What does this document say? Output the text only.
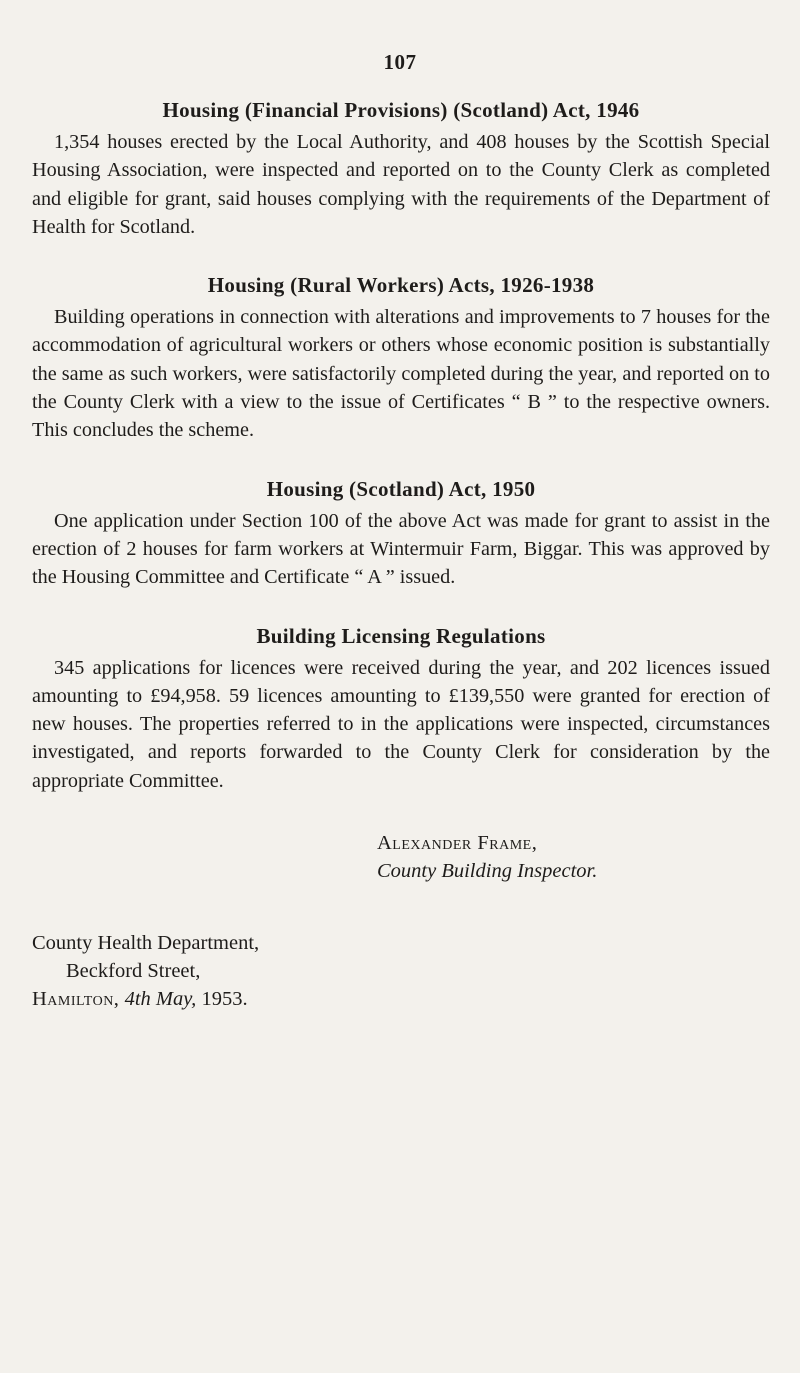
107
Housing (Financial Provisions) (Scotland) Act, 1946

1,354 houses erected by the Local Authority, and 408 houses by the Scottish Special Housing Association, were inspected and reported on to the County Clerk as completed and eligible for grant, said houses complying with the requirements of the Department of Health for Scotland.

Housing (Rural Workers) Acts, 1926-1938

Building operations in connection with alterations and improvements to 7 houses for the accommodation of agricultural workers or others whose economic position is substantially the same as such workers, were satisfactorily completed during the year, and reported on to the County Clerk with a view to the issue of Certificates “ B ” to the respective owners. This concludes the scheme.

Housing (Scotland) Act, 1950

One application under Section 100 of the above Act was made for grant to assist in the erection of 2 houses for farm workers at Wintermuir Farm, Biggar. This was approved by the Housing Committee and Certificate “ A ” issued.

Building Licensing Regulations

345 applications for licences were received during the year, and 202 licences issued amounting to £94,958. 59 licences amounting to £139,550 were granted for erection of new houses. The properties referred to in the applications were inspected, circumstances investigated, and reports forwarded to the County Clerk for consideration by the appropriate Committee.

Alexander Frame,
County Building Inspector.
County Health Department,
Beckford Street,
Hamilton, 4th May, 1953.
